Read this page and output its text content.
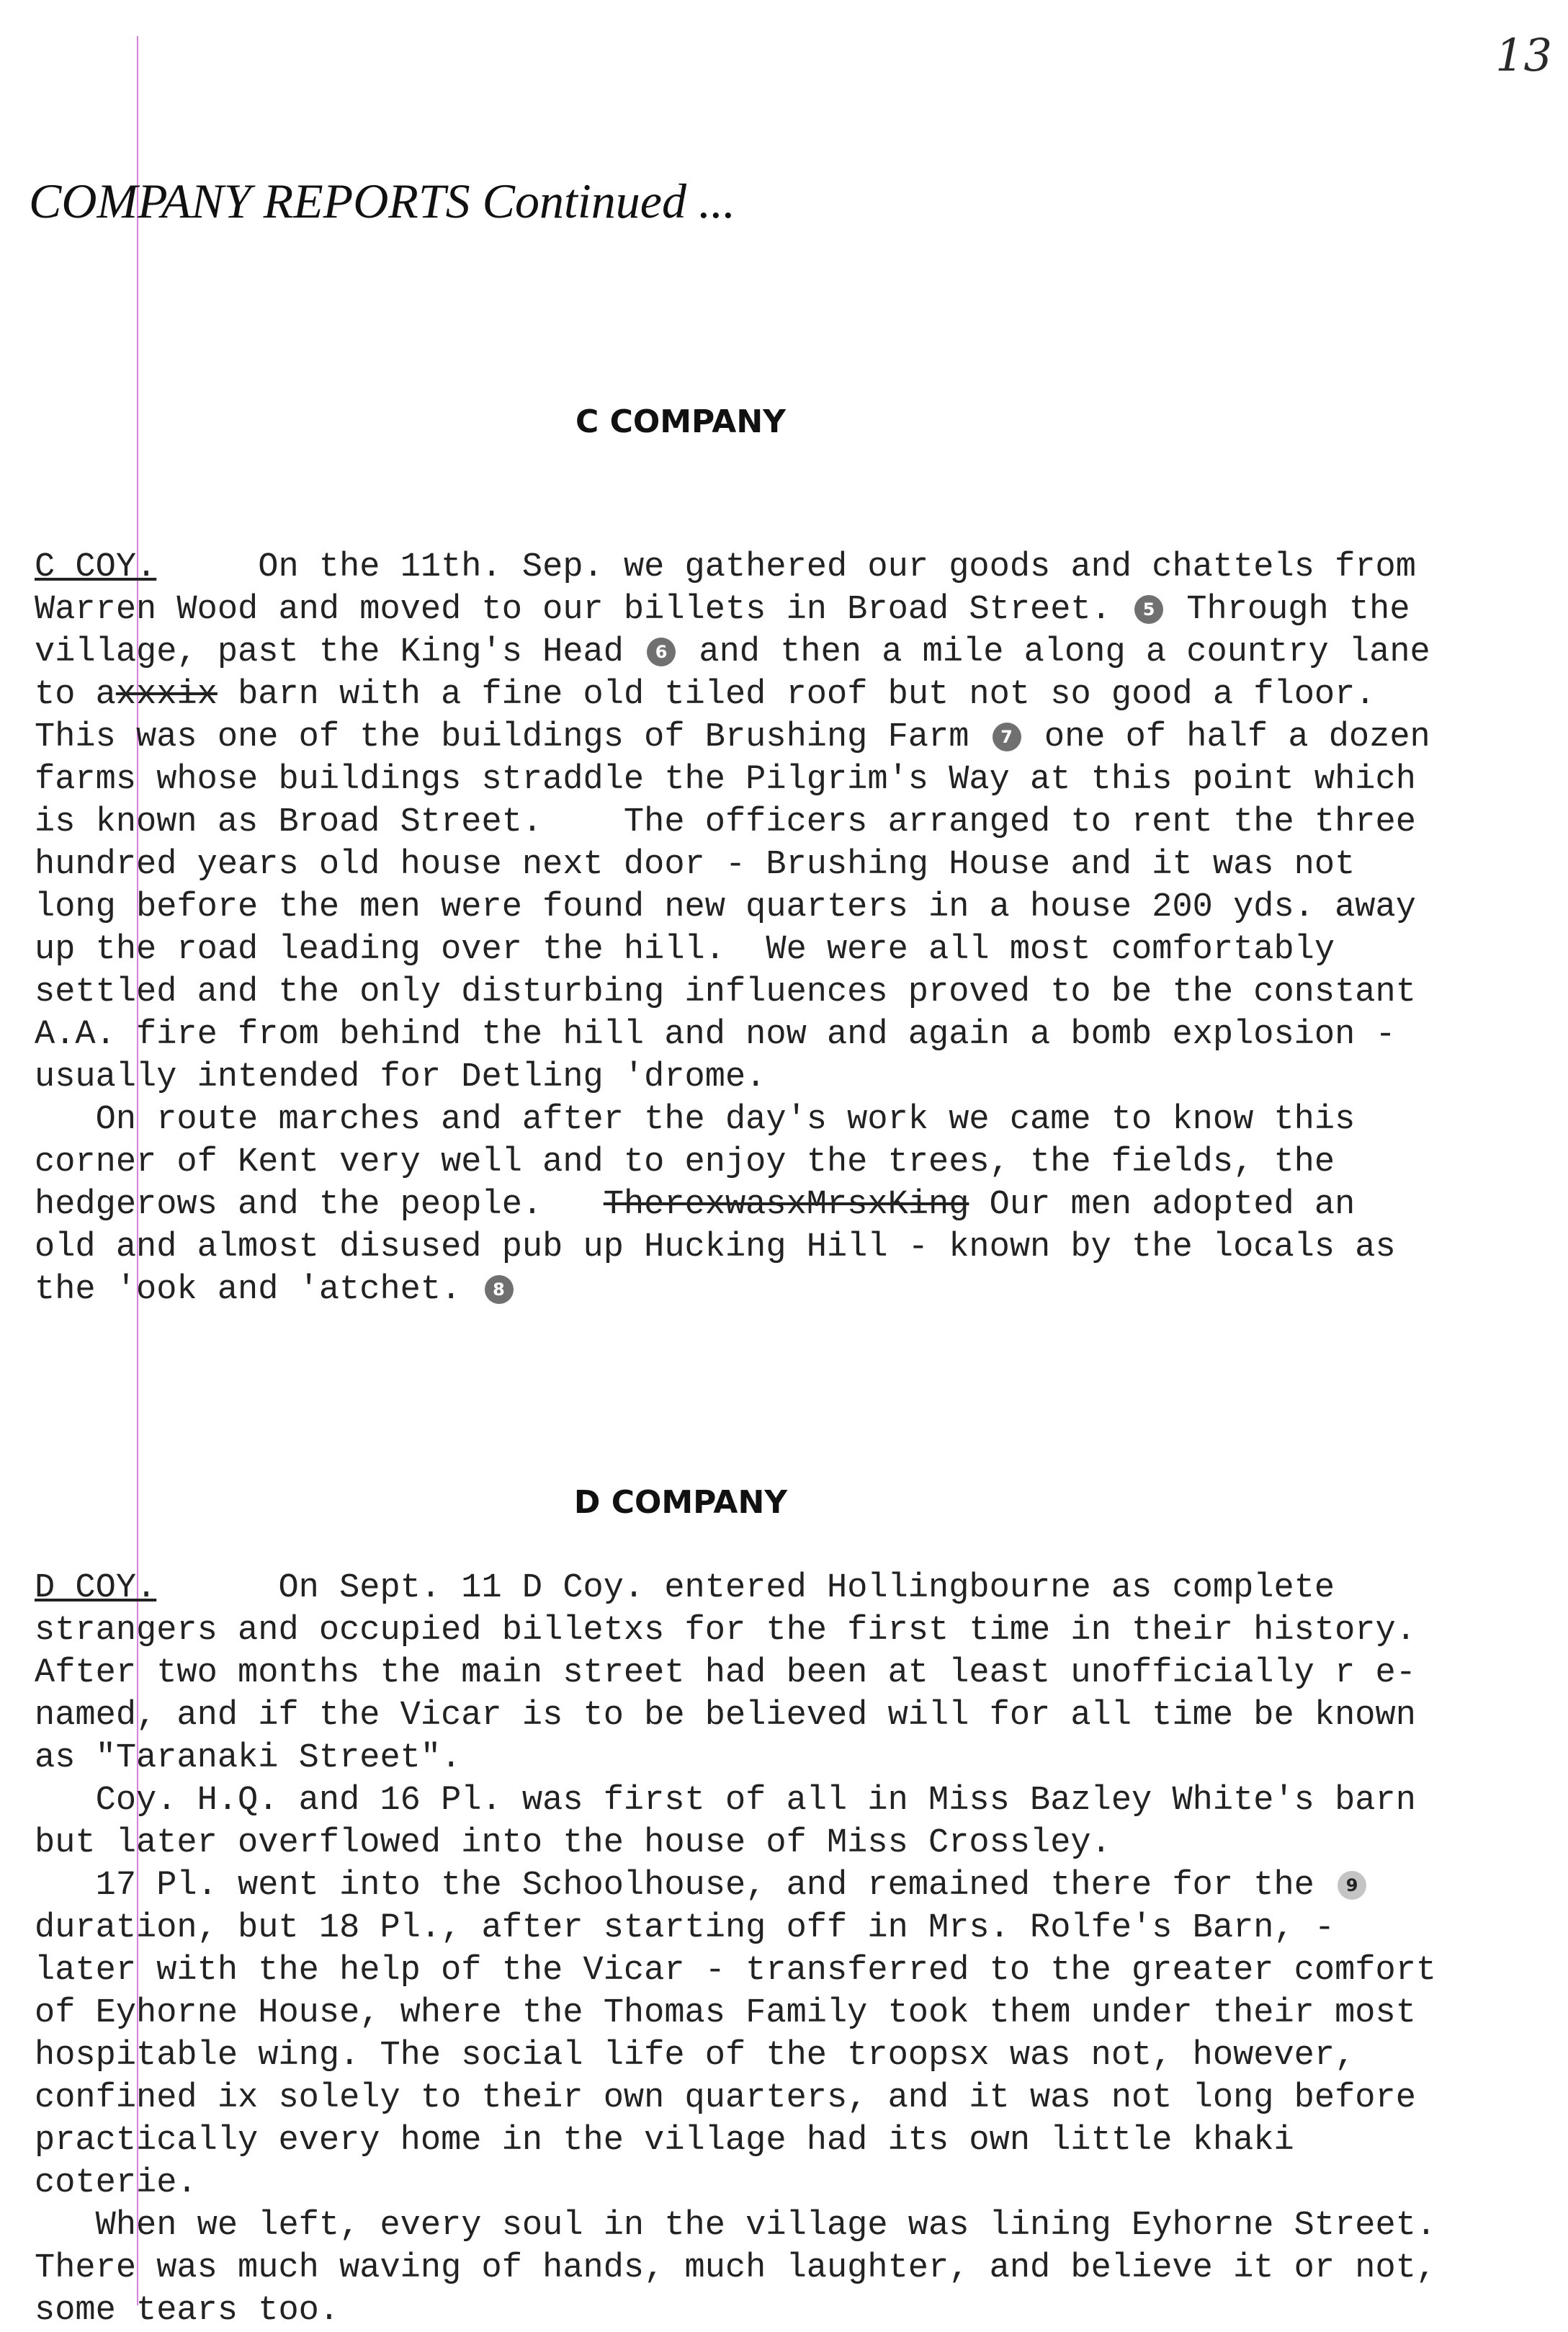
13
COMPANY REPORTS Continued ...
C COMPANY
C COY.	On the 11th. Sep. we gathered our goods and chattels from
Warren Wood and moved to our billets in Broad Street. 5 Through the
village, past the King's Head 6 and then a mile along a country lane
to axxxix barn with a fine old tiled roof but not so good a floor.
This was one of the buildings of Brushing Farm 7 one of half a dozen
farms whose buildings straddle the Pilgrim's Way at this point which
is known as Broad Street.    The officers arranged to rent the three
hundred years old house next door - Brushing House and it was not
long before the men were found new quarters in a house 200 yds. away
up the road leading over the hill.  We were all most comfortably
settled and the only disturbing influences proved to be the constant
A.A. fire from behind the hill and now and again a bomb explosion -
usually intended for Detling 'drome.
On route marches and after the day's work we came to know this
corner of Kent very well and to enjoy the trees, the fields, the
hedgerows and the people. TherexwasxMrsxKing Our men adopted an
old and almost disused pub up Hucking Hill - known by the locals as
the 'ook and 'atchet. 8
D COMPANY
D COY.	On Sept. 11 D Coy. entered Hollingbourne as complete
strangers and occupied billetxs for the first time in their history.
After two months the main street had been at least unofficially r e-
named, and if the Vicar is to be believed will for all time be known
as "Taranaki Street".
Coy. H.Q. and 16 Pl. was first of all in Miss Bazley White's barn
but later overflowed into the house of Miss Crossley.
17 Pl. went into the Schoolhouse, and remained there for the 9
duration, but 18 Pl., after starting off in Mrs. Rolfe's Barn, -
later with the help of the Vicar - transferred to the greater comfort
of Eyhorne House, where the Thomas Family took them under their most
hospitable wing. The social life of the troopsx was not, however,
confined ix solely to their own quarters, and it was not long before
practically every home in the village had its own little khaki
coterie.
When we left, every soul in the village was lining Eyhorne Street.
There was much waving of hands, much laughter, and believe it or not,
some tears too.
